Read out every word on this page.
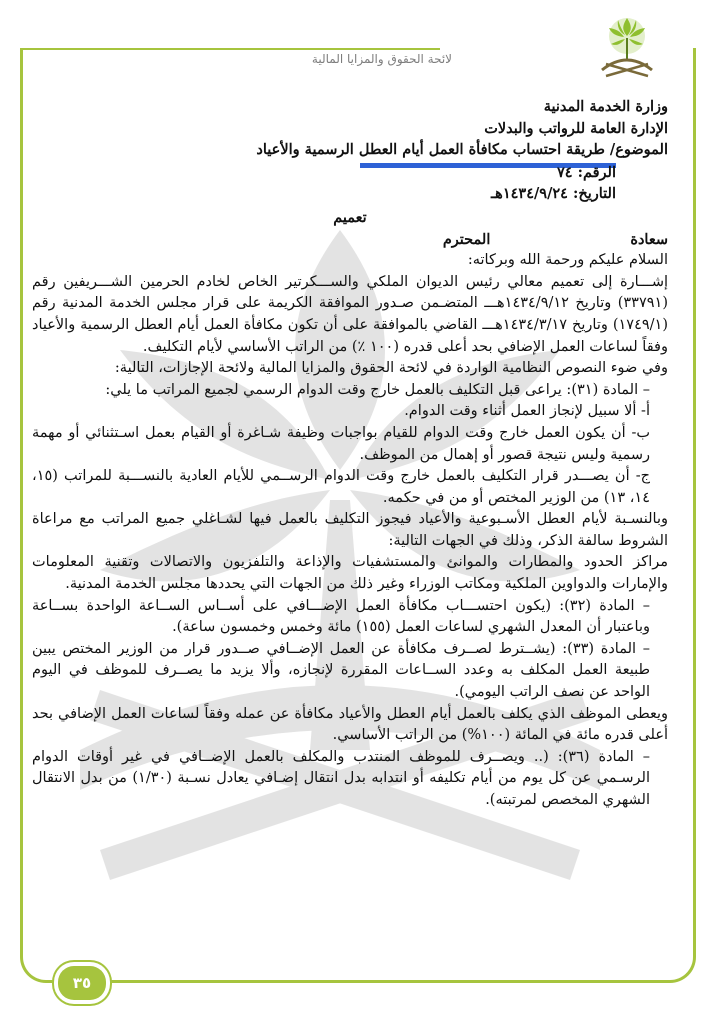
لائحة الحقوق والمزايا المالية

وزارة الخدمة المدنية

الإدارة العامة للرواتب والبدلات

الموضوع/ طريقة احتساب مكافأة العمل أيام العطل الرسمية والأعياد

الرقم: ٧٤

التاريخ: ١٤٣٤/٩/٢٤هـ

تعميم

سعادة
المحترم

السلام عليكم ورحمة الله وبركاته:

إشـــارة إلى تعميم معالي رئيس الديوان الملكي والســـكرتير الخاص لخادم الحرمين الشـــريفين رقم (٣٣٧٩١) وتاريخ ١٤٣٤/٩/١٢هـــ المتضـمن صـدور الموافقة الكريمة على قرار مجلس الخدمة المدنية رقم (١٧٤٩/١) وتاريخ ١٤٣٤/٣/١٧هـــ القاضي بالموافقة على أن تكون مكافأة العمل أيام العطل الرسمية والأعياد وفقاً لساعات العمل الإضافي بحد أعلى قدره (١٠٠ ٪) من الراتب الأساسي لأيام التكليف.

وفي ضوء النصوص النظامية الواردة في لائحة الحقوق والمزايا المالية ولائحة الإجازات، التالية:

– المادة (٣١): يراعى قبل التكليف بالعمل خارج وقت الدوام الرسمي لجميع المراتب ما يلي:

أ- ألا سبيل لإنجاز العمل أثناء وقت الدوام.

ب- أن يكون العمل خارج وقت الدوام للقيام بواجبات وظيفة شـاغرة أو القيام بعمل اسـتثنائي أو مهمة رسمية وليس نتيجة قصور أو إهمال من الموظف.

ج- أن يصـــدر قرار التكليف بالعمل خارج وقت الدوام الرســمي للأيام العادية بالنســـبة للمراتب (١٥، ١٤، ١٣) من الوزير المختص أو من في حكمه.

وبالنسـبة لأيام العطل الأسـبوعية والأعياد فيجوز التكليف بالعمل فيها لشـاغلي جميع المراتب مع مراعاة الشروط سالفة الذكر، وذلك في الجهات التالية:

مراكز الحدود والمطارات والموانئ والمستشفيات والإذاعة والتلفزيون والاتصالات وتقنية المعلومات والإمارات والدواوين الملكية ومكاتب الوزراء وغير ذلك من الجهات التي يحددها مجلس الخدمة المدنية.

– المادة (٣٢): (يكون احتســـاب مكافأة العمل الإضـــافي على أســاس الســاعة الواحدة بســاعة وباعتبار أن المعدل الشهري لساعات العمل (١٥٥) مائة وخمس وخمسون ساعة).

– المادة (٣٣): (يشــترط لصــرف مكافأة عن العمل الإضــافي صــدور قرار من الوزير المختص يبين طبيعة العمل المكلف به وعدد الســاعات المقررة لإنجازه، وألا يزيد ما يصــرف للموظف في اليوم الواحد عن نصف الراتب اليومي).

ويعطى الموظف الذي يكلف بالعمل أيام العطل والأعياد مكافأة عن عمله وفقاً لساعات العمل الإضافي بحد أعلى قدره مائة في المائة (١٠٠%) من الراتب الأساسي.

– المادة (٣٦): (.. ويصــرف للموظف المنتدب والمكلف بالعمل الإضــافي في غير أوقات الدوام الرسـمي عن كل يوم من أيام تكليفه أو انتدابه بدل انتقال إضـافي يعادل نسـبة (١/٣٠) من بدل الانتقال الشهري المخصص لمرتبته).

٣٥
